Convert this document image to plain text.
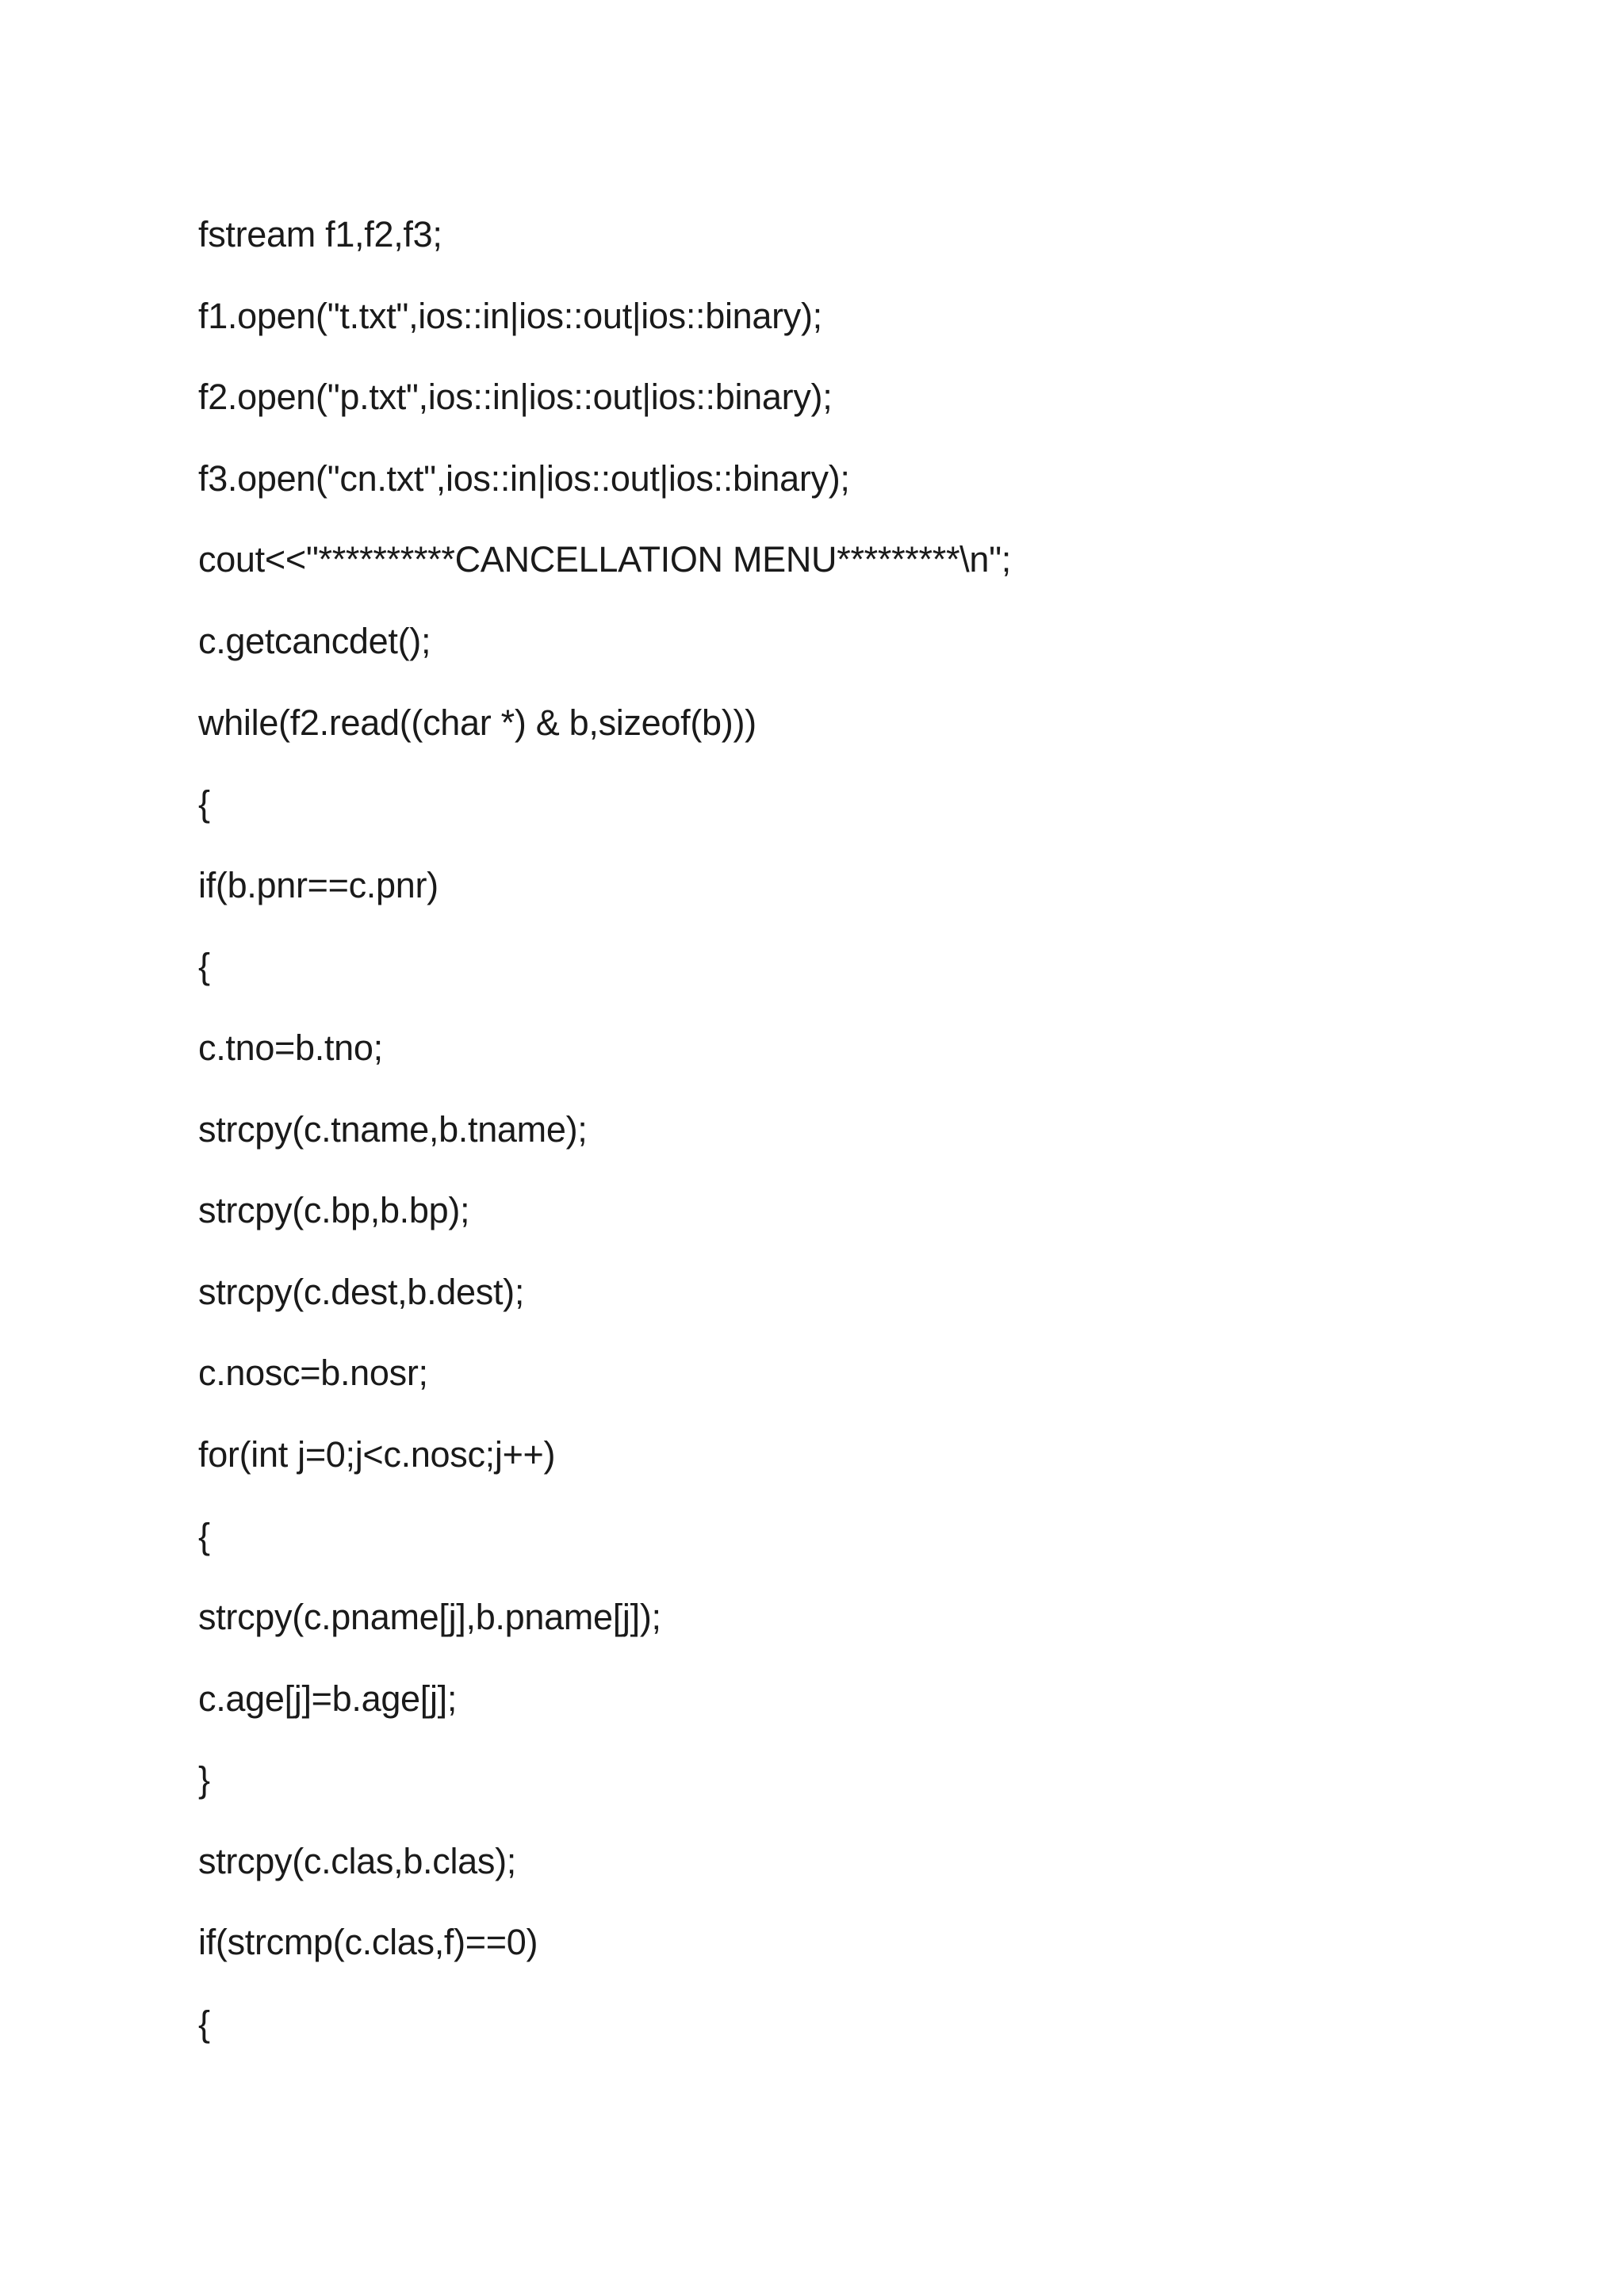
fstream f1,f2,f3;
f1.open("t.txt",ios::in|ios::out|ios::binary);
f2.open("p.txt",ios::in|ios::out|ios::binary);
f3.open("cn.txt",ios::in|ios::out|ios::binary);
cout<<"**********CANCELLATION MENU*********\n";
c.getcancdet();
while(f2.read((char *) & b,sizeof(b)))
{
if(b.pnr==c.pnr)
{
c.tno=b.tno;
strcpy(c.tname,b.tname);
strcpy(c.bp,b.bp);
strcpy(c.dest,b.dest);
c.nosc=b.nosr;
for(int j=0;j<c.nosc;j++)
{
strcpy(c.pname[j],b.pname[j]);
c.age[j]=b.age[j];
}
strcpy(c.clas,b.clas);
if(strcmp(c.clas,f)==0)
{
